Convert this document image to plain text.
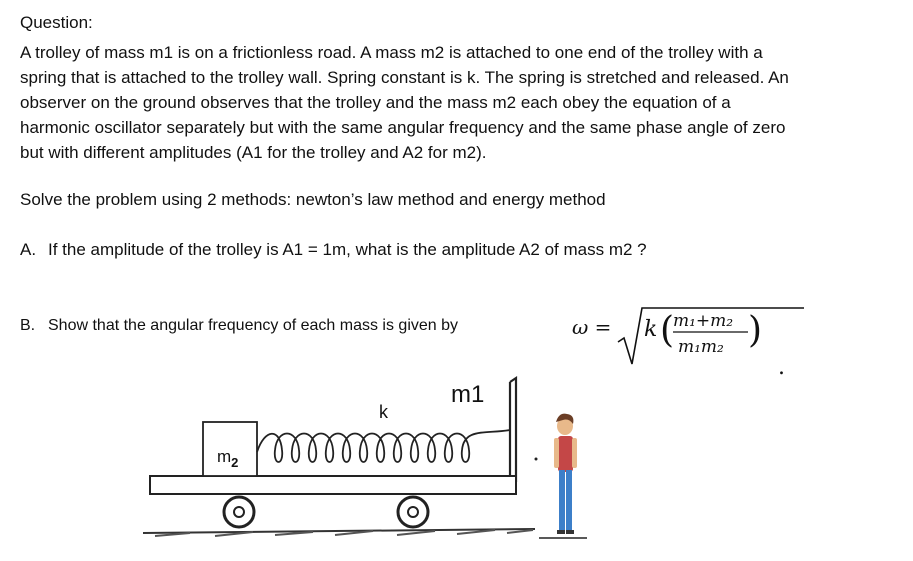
Question:
A trolley of mass m1 is on a frictionless road. A mass m2 is attached to one end of the trolley with a
spring that is attached to the trolley wall. Spring constant is k. The spring is stretched and released. An
observer on the ground observes that the trolley and the mass m2 each obey the equation of a
harmonic oscillator separately but with the same angular frequency and the same phase angle of zero
but with different amplitudes (A1 for the trolley and A2 for m2).
Solve the problem using 2 methods: newton’s law method and energy method
A. If the amplitude of the trolley is A1 = 1m, what is the amplitude A2 of mass m2 ?
B. Show that the angular frequency of each mass is given by	ω = k (
m₁+m₂
m₁m₂ )
.
m1
$m_2$
k
